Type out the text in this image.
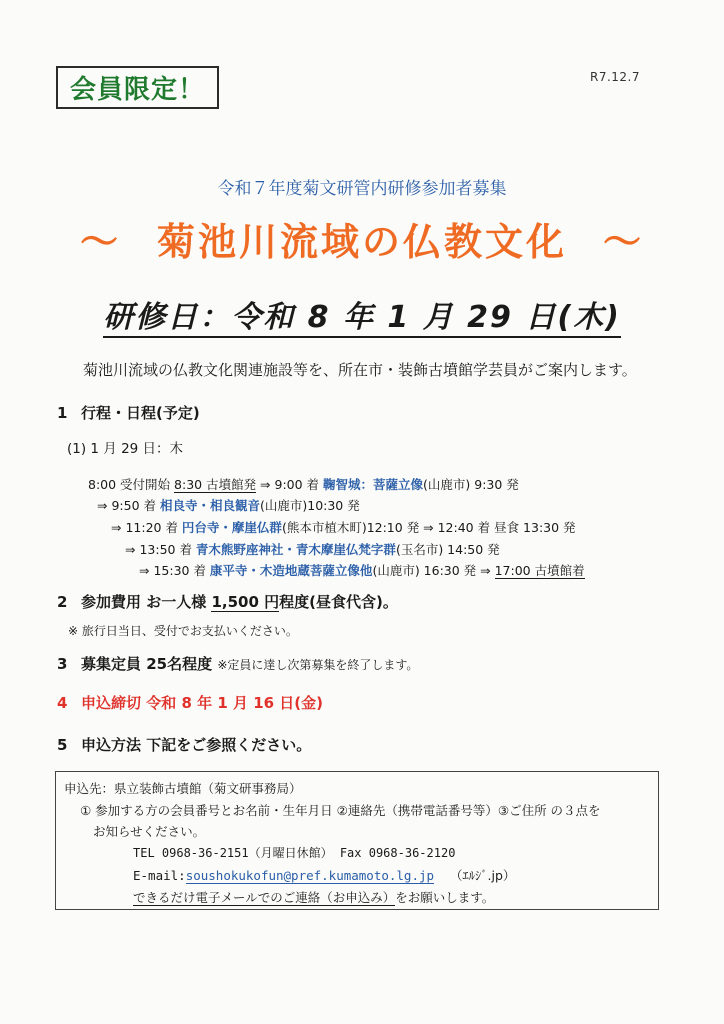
会員限定！	R7.12.7
令和７年度菊文研管内研修参加者募集
～ 菊池川流域の仏教文化 ～
研修日：令和 8 年 1 月 29 日(木)
菊池川流域の仏教文化関連施設等を、所在市・装飾古墳館学芸員がご案内します。
1 行程・日程(予定)
(1) 1 月 29 日：木
8:00 受付開始 8:30 古墳館発 ⇒ 9:00 着 鞠智城：菩薩立像(山鹿市) 9:30 発
⇒ 9:50 着 相良寺・相良観音(山鹿市)10:30 発
⇒ 11:20 着 円台寺・摩崖仏群(熊本市植木町)12:10 発 ⇒ 12:40 着 昼食 13:30 発
⇒ 13:50 着 青木熊野座神社・青木摩崖仏梵字群(玉名市) 14:50 発
⇒ 15:30 着 康平寺・木造地蔵菩薩立像他(山鹿市) 16:30 発 ⇒ 17:00 古墳館着
2 参加費用 お一人様 1,500 円程度(昼食代含)。
※ 旅行日当日、受付でお支払いください。
3 募集定員 25名程度 ※定員に達し次第募集を終了します。
4 申込締切 令和 8 年 1 月 16 日(金)
5 申込方法 下記をご参照ください。
申込先：県立装飾古墳館（菊文研事務局）
① 参加する方の会員番号とお名前・生年月日 ②連絡先（携帯電話番号等）③ご住所 の３点を
お知らせください。
TEL 0968-36-2151（月曜日休館） Fax 0968-36-2120
E-mail:soushokukofun@pref.kumamoto.lg.jp （ｴﾙｼﾞ.jp）
できるだけ電子メールでのご連絡（お申込み）をお願いします。
